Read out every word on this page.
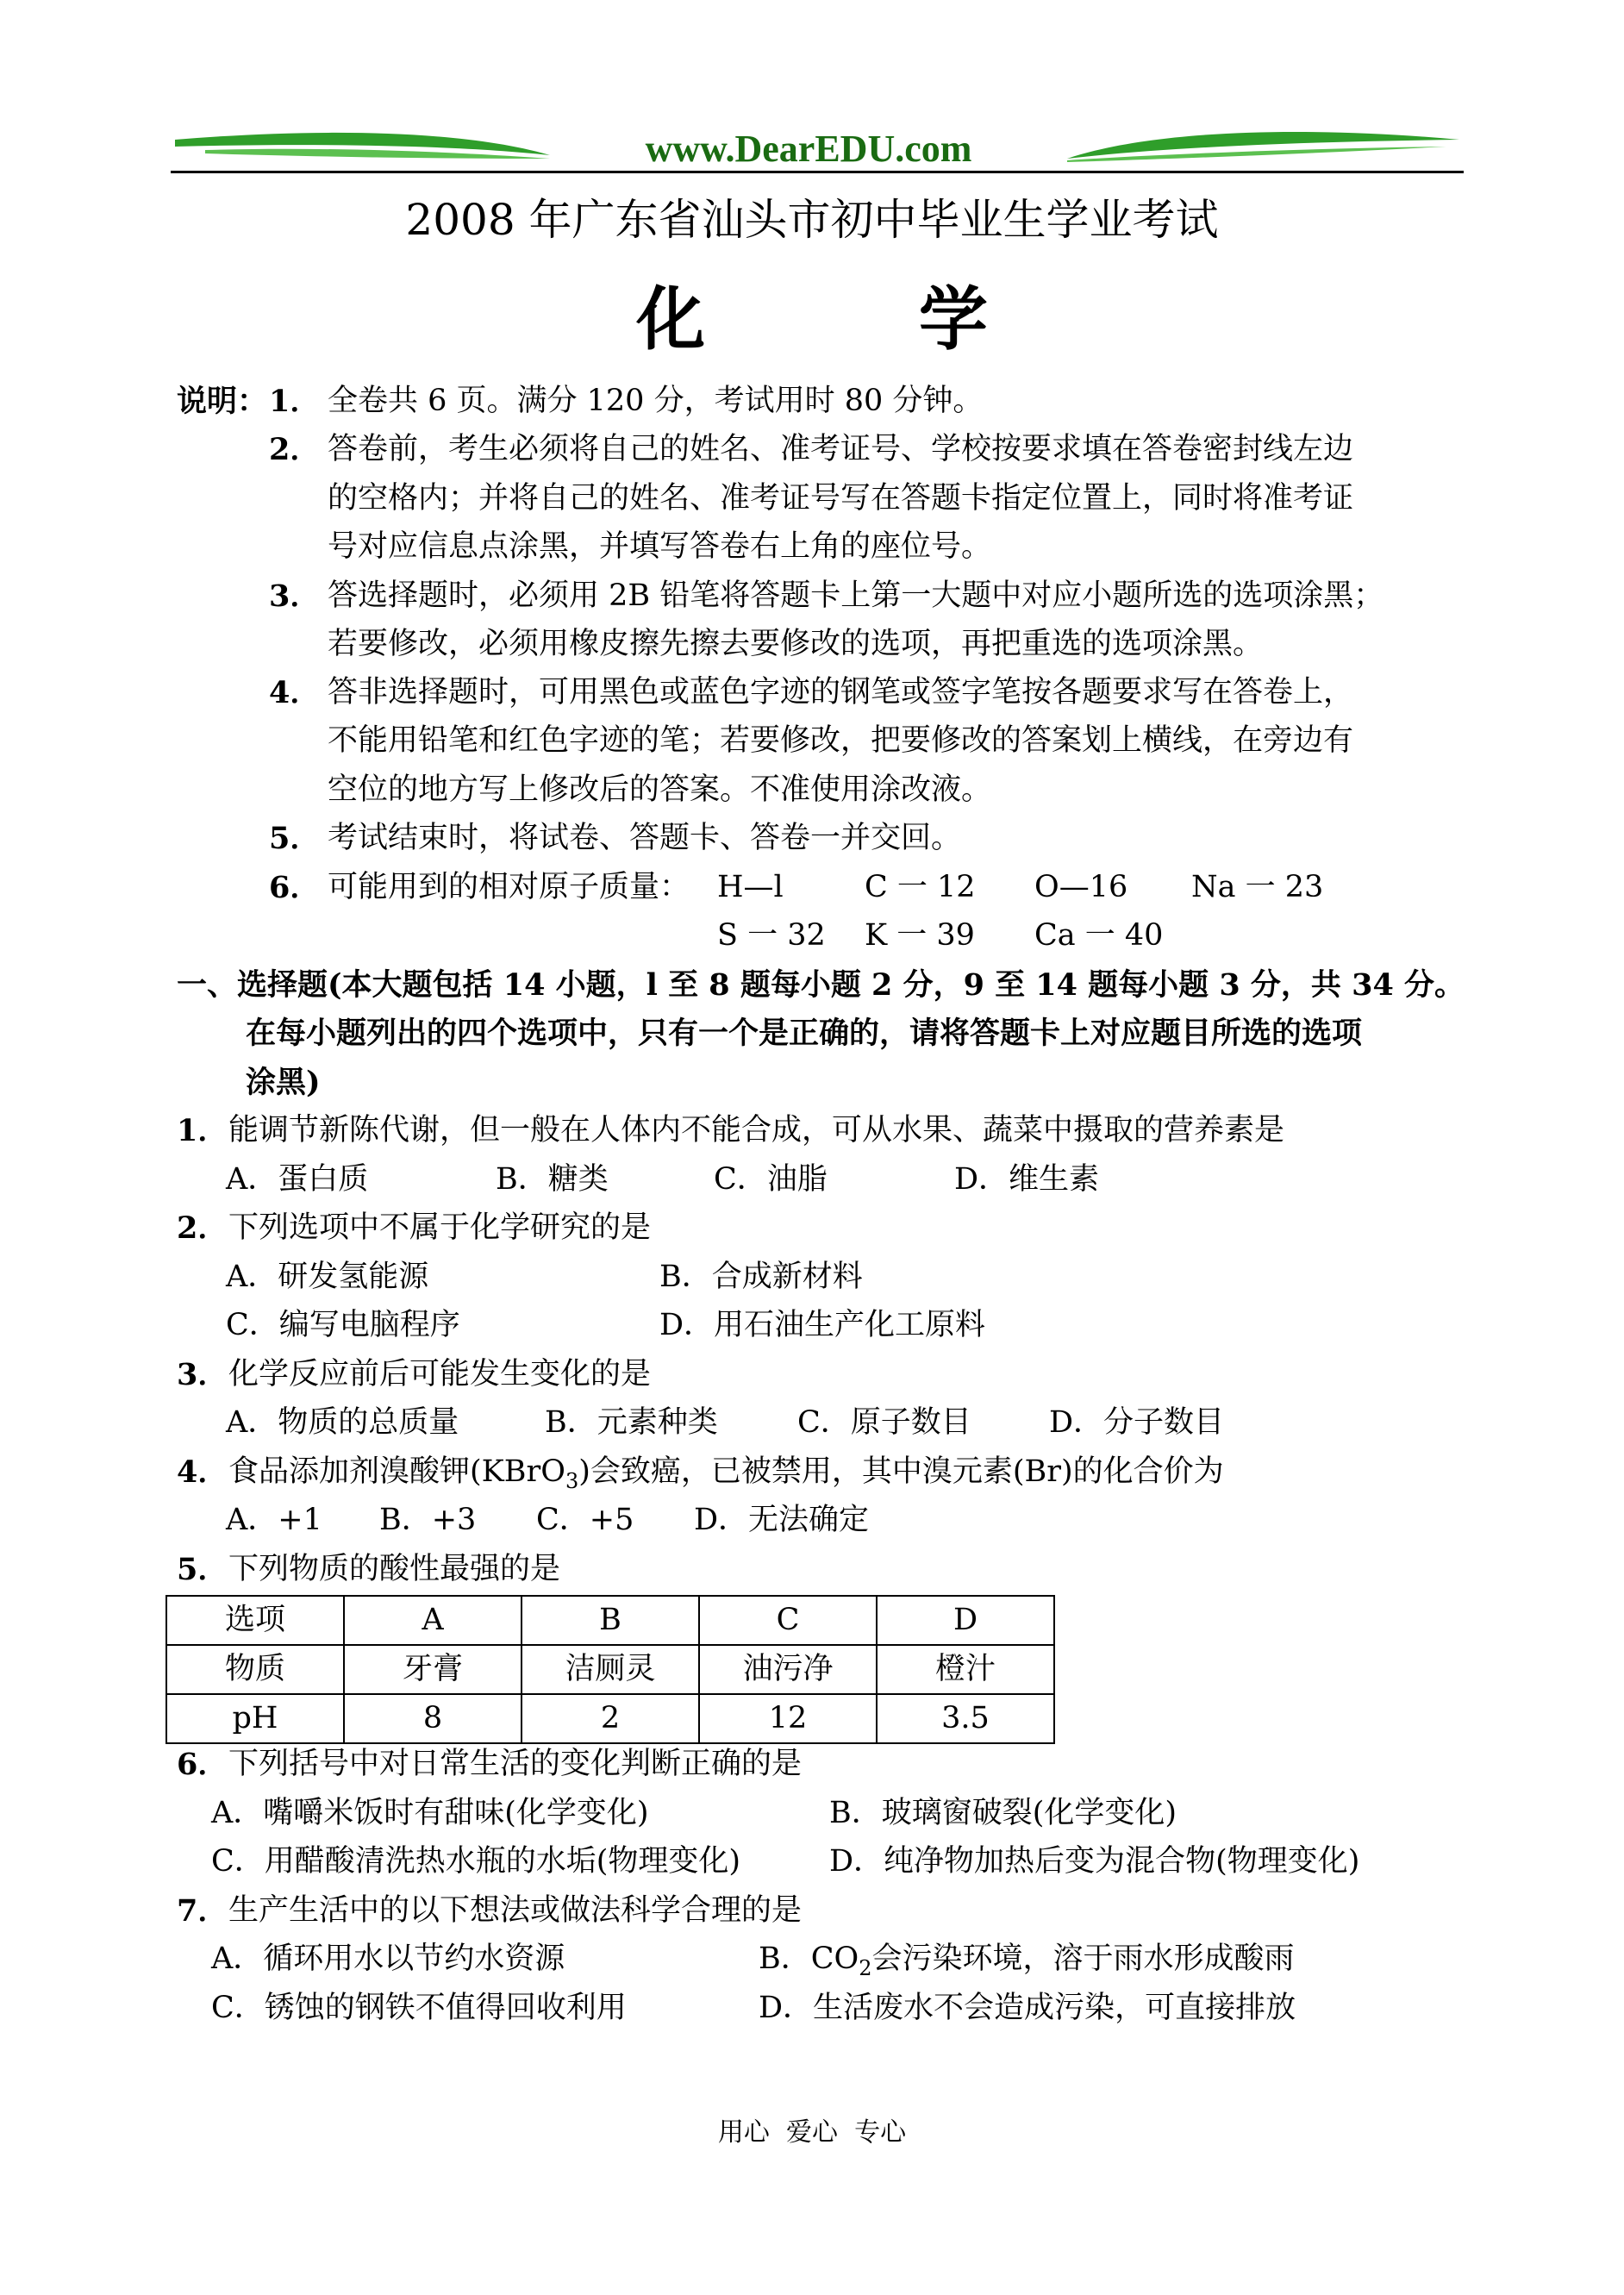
www.DearEDU.com
2008 年广东省汕头市初中毕业生学业考试
化 学
说明： 1． 全卷共 6 页。满分 120 分，考试用时 80 分钟。
2． 答卷前，考生必须将自己的姓名、准考证号、学校按要求填在答卷密封线左边
的空格内；并将自己的姓名、准考证号写在答题卡指定位置上，同时将准考证
号对应信息点涂黑，并填写答卷右上角的座位号。
3． 答选择题时，必须用 2B 铅笔将答题卡上第一大题中对应小题所选的选项涂黑；
若要修改，必须用橡皮擦先擦去要修改的选项，再把重选的选项涂黑。
4． 答非选择题时，可用黑色或蓝色字迹的钢笔或签字笔按各题要求写在答卷上，
不能用铅笔和红色字迹的笔；若要修改，把要修改的答案划上横线，在旁边有
空位的地方写上修改后的答案。不准使用涂改液。
5． 考试结束时，将试卷、答题卡、答卷一并交回。
6． 可能用到的相对原子质量： H—l	C 一 12 O—16 Na 一 23
S 一 32 K 一 39 Ca 一 40
一、选择题(本大题包括 14 小题，l 至 8 题每小题 2 分，9 至 14 题每小题 3 分，共 34 分。
在每小题列出的四个选项中，只有一个是正确的，请将答题卡上对应题目所选的选项
涂黑)
1． 能调节新陈代谢，但一般在人体内不能合成，可从水果、蔬菜中摄取的营养素是
A．蛋白质	B．糖类	C．油脂	D．维生素
2． 下列选项中不属于化学研究的是
A．研发氢能源	B．合成新材料
C．编写电脑程序	D．用石油生产化工原料
3． 化学反应前后可能发生变化的是
A．物质的总质量	B．元素种类	C．原子数目	D．分子数目
4． 食品添加剂溴酸钾(KBrO$_3$)会致癌，已被禁用，其中溴元素(Br)的化合价为
A．+1 B．+3 C．+5 D．无法确定
5． 下列物质的酸性最强的是
选项	A	B	C	D
物质	牙膏	洁厕灵	油污净	橙汁
pH	8	2	12	3.5
6． 下列括号中对日常生活的变化判断正确的是
A．嘴嚼米饭时有甜味(化学变化)	B．玻璃窗破裂(化学变化)
C．用醋酸清洗热水瓶的水垢(物理变化)	D．纯净物加热后变为混合物(物理变化)
7． 生产生活中的以下想法或做法科学合理的是
A．循环用水以节约水资源	B．$CO_2$会污染环境，溶于雨水形成酸雨
C．锈蚀的钢铁不值得回收利用	D．生活废水不会造成污染，可直接排放
用心  爱心  专心
